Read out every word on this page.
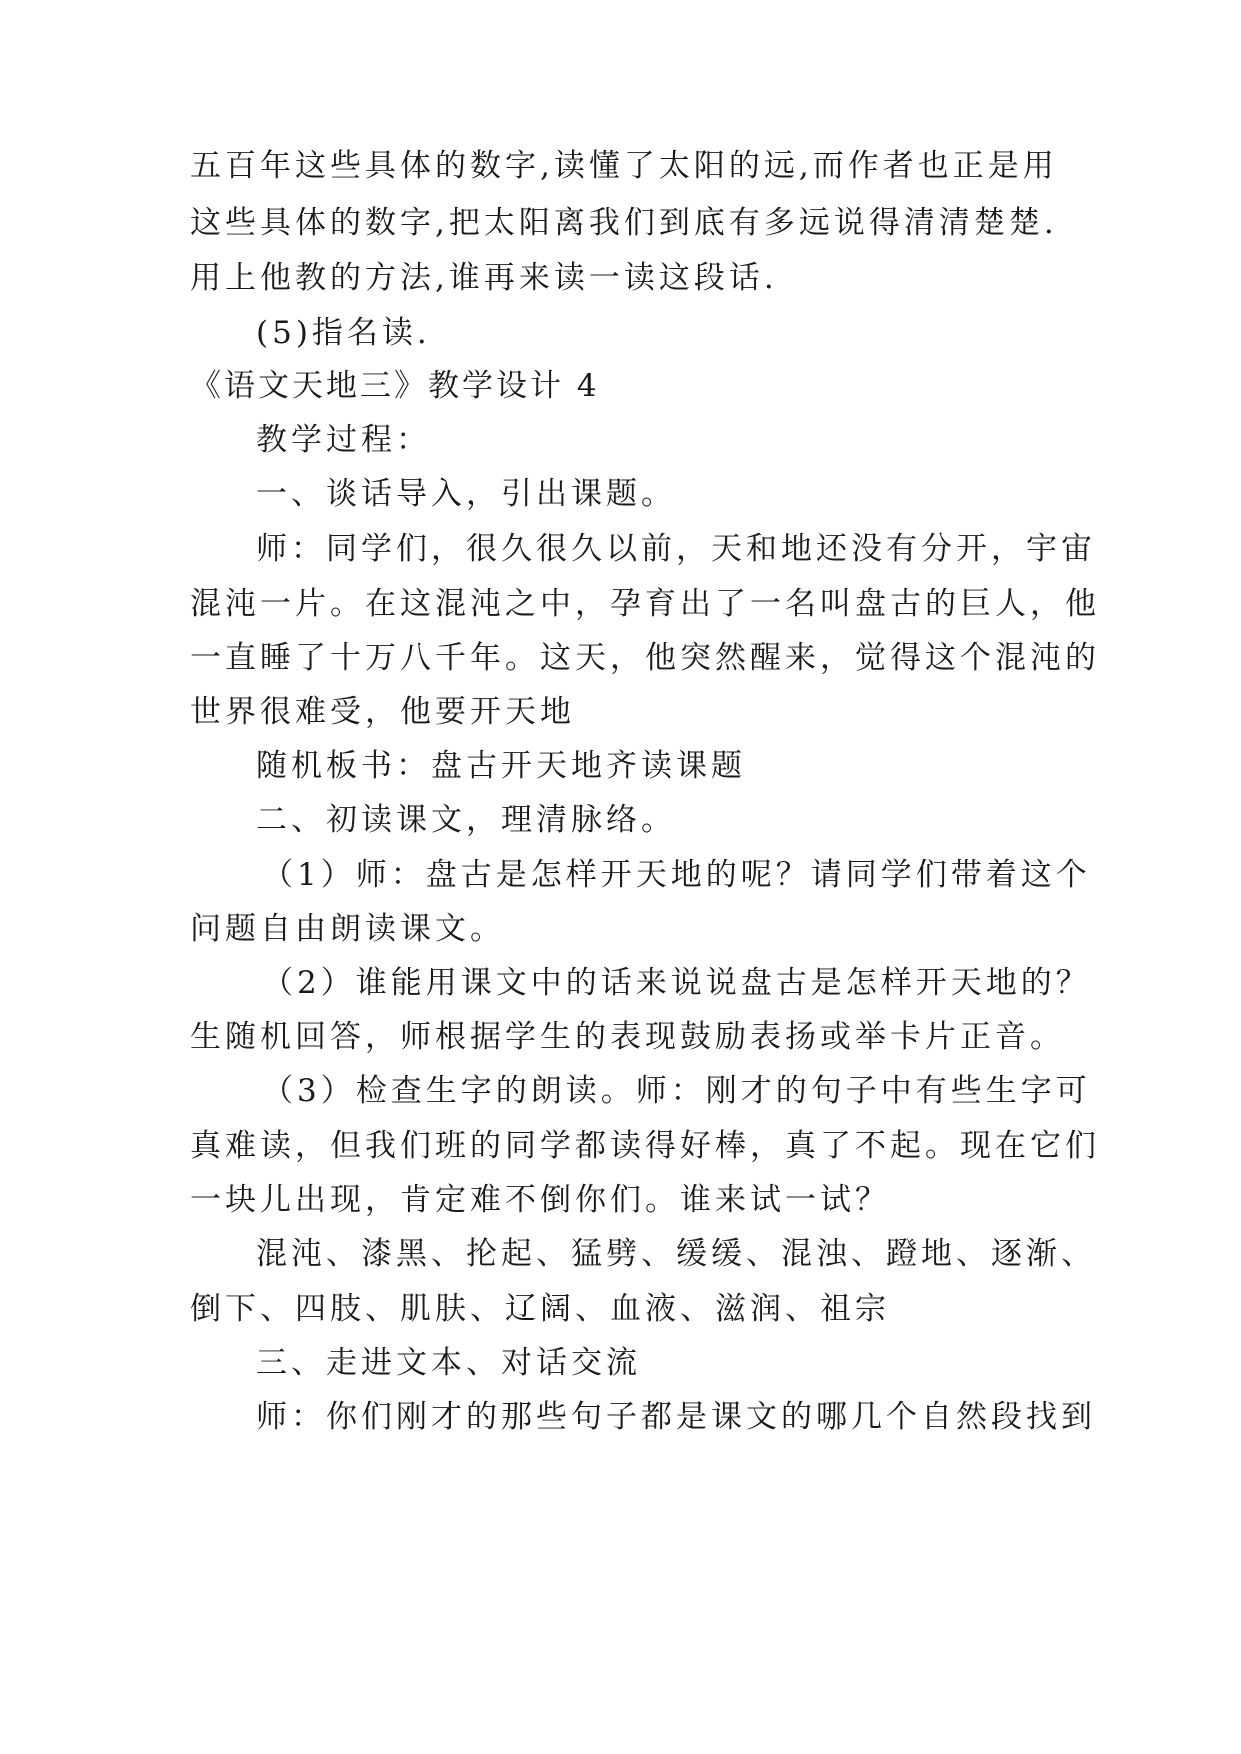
五百年这些具体的数字,读懂了太阳的远,而作者也正是用
这些具体的数字,把太阳离我们到底有多远说得清清楚楚.
用上他教的方法,谁再来读一读这段话.
(5)指名读.
《语文天地三》教学设计 4
教学过程：
一、谈话导入，引出课题。
师：同学们，很久很久以前，天和地还没有分开，宇宙
混沌一片。在这混沌之中，孕育出了一名叫盘古的巨人，他
一直睡了十万八千年。这天，他突然醒来，觉得这个混沌的
世界很难受，他要开天地
随机板书：盘古开天地齐读课题
二、初读课文，理清脉络。
（1）师：盘古是怎样开天地的呢？请同学们带着这个
问题自由朗读课文。
（2）谁能用课文中的话来说说盘古是怎样开天地的？
生随机回答，师根据学生的表现鼓励表扬或举卡片正音。
（3）检查生字的朗读。师：刚才的句子中有些生字可
真难读，但我们班的同学都读得好棒，真了不起。现在它们
一块儿出现，肯定难不倒你们。谁来试一试？
混沌、漆黑、抡起、猛劈、缓缓、混浊、蹬地、逐渐、
倒下、四肢、肌肤、辽阔、血液、滋润、祖宗
三、走进文本、对话交流
师：你们刚才的那些句子都是课文的哪几个自然段找到
